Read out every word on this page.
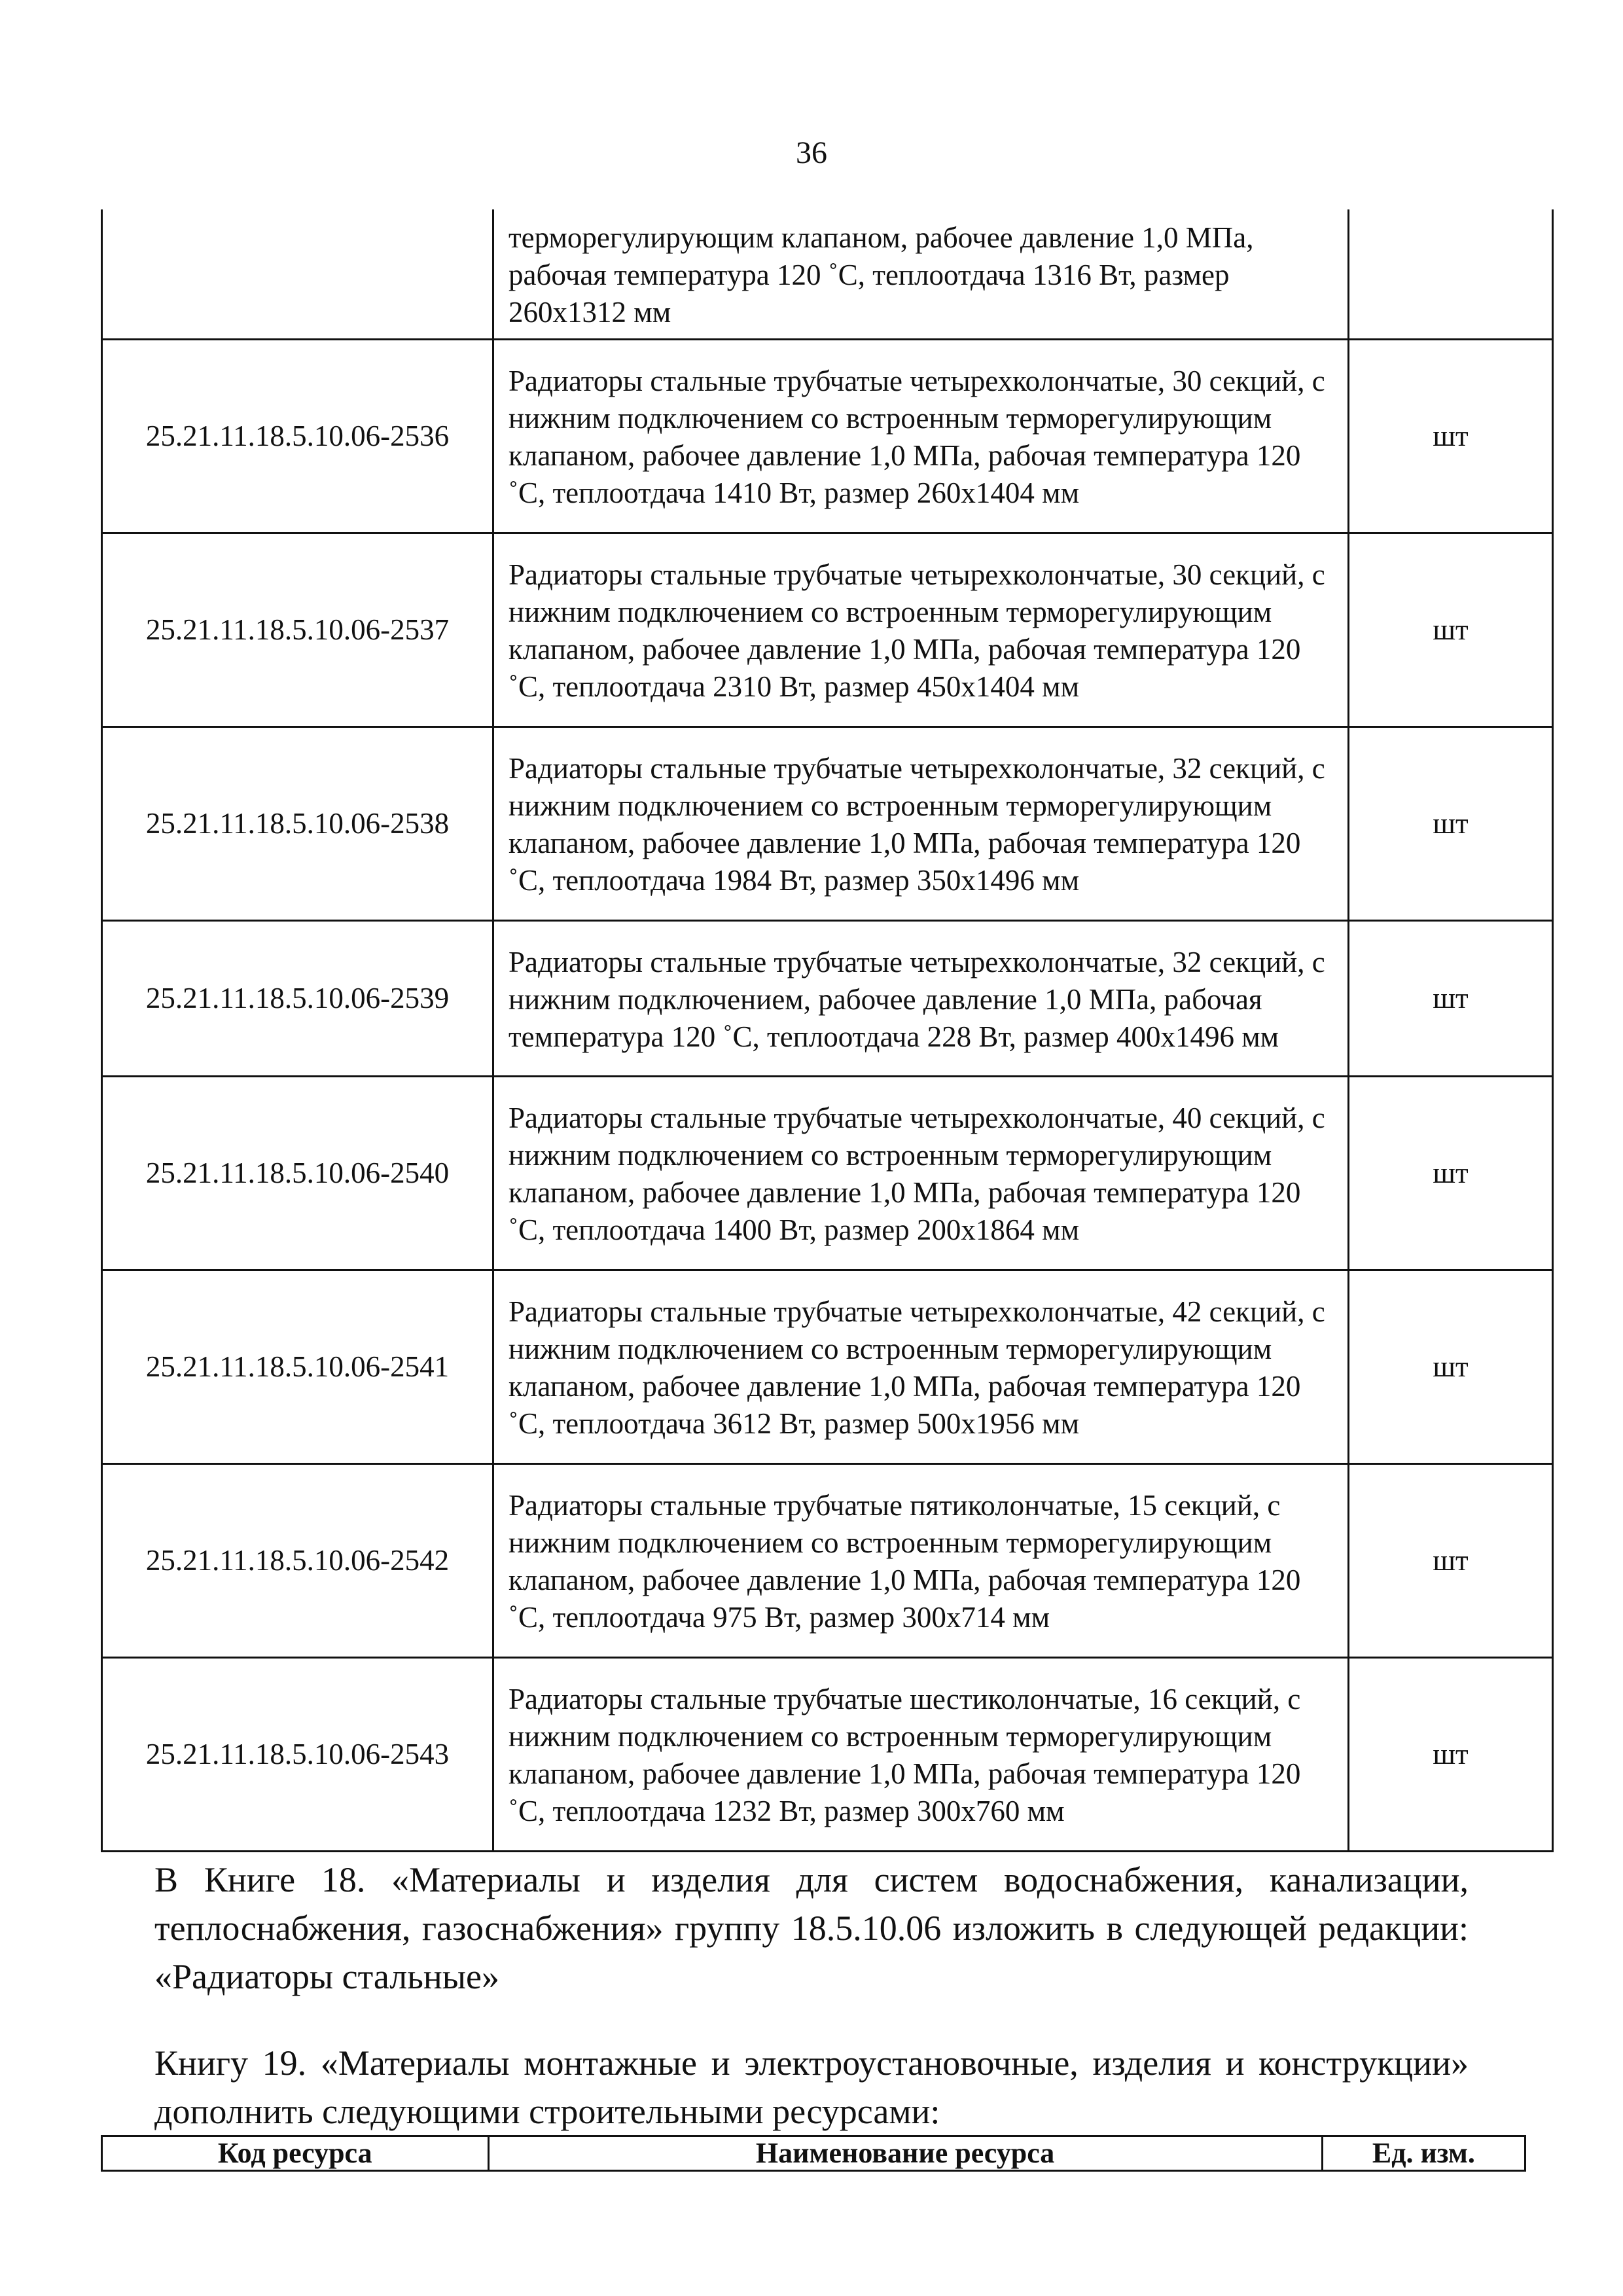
36
	терморегулирующим клапаном, рабочее давление 1,0 МПа, рабочая температура 120 ˚С, теплоотдача 1316 Вт, размер 260х1312 мм	
25.21.11.18.5.10.06-2536	Радиаторы стальные трубчатые четырехколончатые, 30 секций, с нижним подключением со встроенным терморегулирующим клапаном, рабочее давление 1,0 МПа, рабочая температура 120 ˚С, теплоотдача 1410 Вт, размер 260х1404 мм	шт
25.21.11.18.5.10.06-2537	Радиаторы стальные трубчатые четырехколончатые, 30 секций, с нижним подключением со встроенным терморегулирующим клапаном, рабочее давление 1,0 МПа, рабочая температура 120 ˚С, теплоотдача 2310 Вт, размер 450х1404 мм	шт
25.21.11.18.5.10.06-2538	Радиаторы стальные трубчатые четырехколончатые, 32 секций, с нижним подключением со встроенным терморегулирующим клапаном, рабочее давление 1,0 МПа, рабочая температура 120 ˚С, теплоотдача 1984 Вт, размер 350х1496 мм	шт
25.21.11.18.5.10.06-2539	Радиаторы стальные трубчатые четырехколончатые, 32 секций, с нижним подключением, рабочее давление 1,0 МПа, рабочая температура 120 ˚С, теплоотдача 228 Вт, размер 400х1496 мм	шт
25.21.11.18.5.10.06-2540	Радиаторы стальные трубчатые четырехколончатые, 40 секций, с нижним подключением со встроенным терморегулирующим клапаном, рабочее давление 1,0 МПа, рабочая температура 120 ˚С, теплоотдача 1400 Вт, размер 200х1864 мм	шт
25.21.11.18.5.10.06-2541	Радиаторы стальные трубчатые четырехколончатые, 42 секций, с нижним подключением со встроенным терморегулирующим клапаном, рабочее давление 1,0 МПа, рабочая температура 120 ˚С, теплоотдача 3612 Вт, размер 500х1956 мм	шт
25.21.11.18.5.10.06-2542	Радиаторы стальные трубчатые пятиколончатые, 15 секций, с нижним подключением со встроенным терморегулирующим клапаном, рабочее давление 1,0 МПа, рабочая температура 120 ˚С, теплоотдача 975 Вт, размер 300х714 мм	шт
25.21.11.18.5.10.06-2543	Радиаторы стальные трубчатые шестиколончатые, 16 секций, с нижним подключением со встроенным терморегулирующим клапаном, рабочее давление 1,0 МПа, рабочая температура 120 ˚С, теплоотдача 1232 Вт, размер 300х760 мм	шт
В Книге 18. «Материалы и изделия для систем водоснабжения, канализации, теплоснабжения, газоснабжения» группу 18.5.10.06 изложить в следующей редакции: «Радиаторы стальные»
Книгу 19. «Материалы монтажные и электроустановочные, изделия и конструкции» дополнить следующими строительными ресурсами:
Код ресурса	Наименование ресурса	Ед. изм.
